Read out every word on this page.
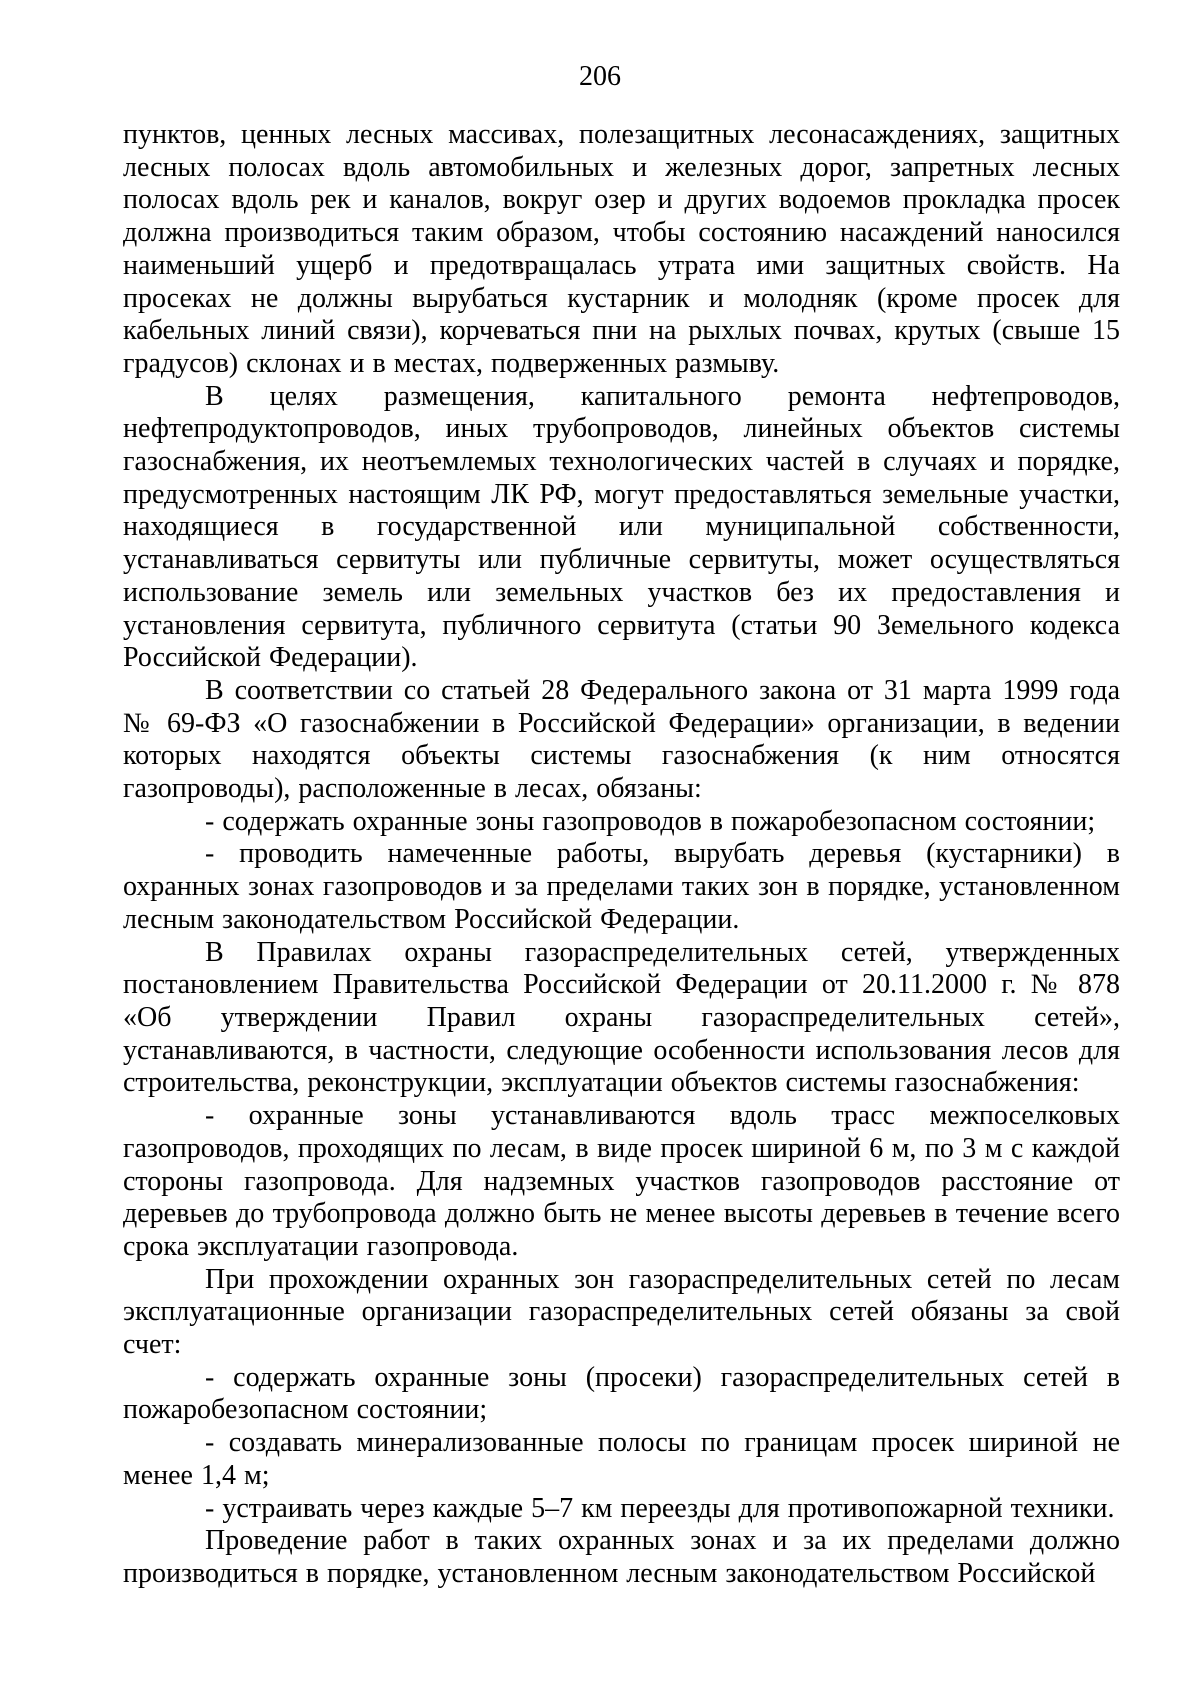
206

пунктов, ценных лесных массивах, полезащитных лесонасаждениях, защитных лесных полосах вдоль автомобильных и железных дорог, запретных лесных полосах вдоль рек и каналов, вокруг озер и других водоемов прокладка просек должна производиться таким образом, чтобы состоянию насаждений наносился наименьший ущерб и предотвращалась утрата ими защитных свойств. На просеках не должны вырубаться кустарник и молодняк (кроме просек для кабельных линий связи), корчеваться пни на рыхлых почвах, крутых (свыше 15 градусов) склонах и в местах, подверженных размыву.

В целях размещения, капитального ремонта нефтепроводов, нефтепродуктопроводов, иных трубопроводов, линейных объектов системы газоснабжения, их неотъемлемых технологических частей в случаях и порядке, предусмотренных настоящим ЛК РФ, могут предоставляться земельные участки, находящиеся в государственной или муниципальной собственности, устанавливаться сервитуты или публичные сервитуты, может осуществляться использование земель или земельных участков без их предоставления и установления сервитута, публичного сервитута (статьи 90 Земельного кодекса Российской Федерации).

В соответствии со статьей 28 Федерального закона от 31 марта 1999 года № 69-ФЗ «О газоснабжении в Российской Федерации» организации, в ведении которых находятся объекты системы газоснабжения (к ним относятся газопроводы), расположенные в лесах, обязаны:

- содержать охранные зоны газопроводов в пожаробезопасном состоянии;

- проводить намеченные работы, вырубать деревья (кустарники) в охранных зонах газопроводов и за пределами таких зон в порядке, установленном лесным законодательством Российской Федерации.

В Правилах охраны газораспределительных сетей, утвержденных постановлением Правительства Российской Федерации от 20.11.2000 г. № 878 «Об утверждении Правил охраны газораспределительных сетей», устанавливаются, в частности, следующие особенности использования лесов для строительства, реконструкции, эксплуатации объектов системы газоснабжения:

- охранные зоны устанавливаются вдоль трасс межпоселковых газопроводов, проходящих по лесам, в виде просек шириной 6 м, по 3 м с каждой стороны газопровода. Для надземных участков газопроводов расстояние от деревьев до трубопровода должно быть не менее высоты деревьев в течение всего срока эксплуатации газопровода.

При прохождении охранных зон газораспределительных сетей по лесам эксплуатационные организации газораспределительных сетей обязаны за свой счет:

- содержать охранные зоны (просеки) газораспределительных сетей в пожаробезопасном состоянии;

- создавать минерализованные полосы по границам просек шириной не менее 1,4 м;

- устраивать через каждые 5–7 км переезды для противопожарной техники.

Проведение работ в таких охранных зонах и за их пределами должно производиться в порядке, установленном лесным законодательством Российской
